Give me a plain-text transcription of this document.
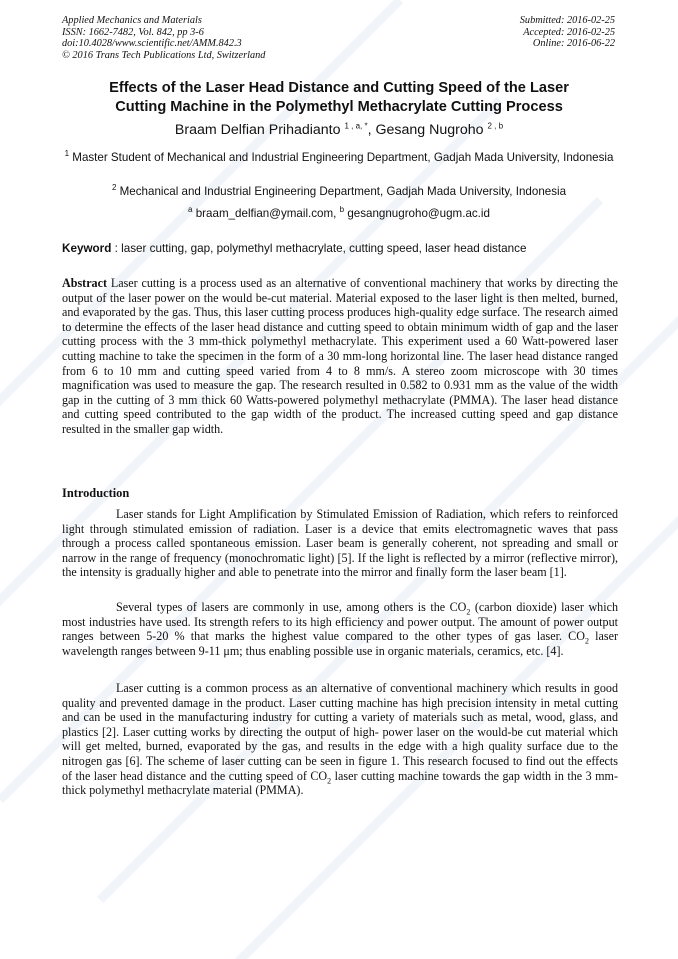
Applied Mechanics and Materials
ISSN: 1662-7482, Vol. 842, pp 3-6
doi:10.4028/www.scientific.net/AMM.842.3
© 2016 Trans Tech Publications Ltd, Switzerland
Submitted: 2016-02-25
Accepted: 2016-02-25
Online: 2016-06-22
Effects of the Laser Head Distance and Cutting Speed of the Laser
Cutting Machine in the Polymethyl Methacrylate Cutting Process
Braam Delfian Prihadianto $^{1 , a, *}$, Gesang Nugroho $^{2 , b}$
$^1$ Master Student of Mechanical and Industrial Engineering Department, Gadjah Mada University, Indonesia
$^2$ Mechanical and Industrial Engineering Department, Gadjah Mada University, Indonesia
$^a$ braam_delfian@ymail.com, $^b$ gesangnugroho@ugm.ac.id
Keyword : laser cutting, gap, polymethyl methacrylate, cutting speed, laser head distance
Abstract Laser cutting is a process used as an alternative of conventional machinery that works by directing the output of the laser power on the would be-cut material. Material exposed to the laser light is then melted, burned, and evaporated by the gas. Thus, this laser cutting process produces high-quality edge surface. The research aimed to determine the effects of the laser head distance and cutting speed to obtain minimum width of gap and the laser cutting process with the 3 mm-thick polymethyl methacrylate. This experiment used a 60 Watt-powered laser cutting machine to take the specimen in the form of a 30 mm-long horizontal line. The laser head distance ranged from 6 to 10 mm and cutting speed varied from 4 to 8 mm/s. A stereo zoom microscope with 30 times magnification was used to measure the gap. The research resulted in 0.582 to 0.931 mm as the value of the width gap in the cutting of 3 mm thick 60 Watts-powered polymethyl methacrylate (PMMA). The laser head distance and cutting speed contributed to the gap width of the product. The increased cutting speed and gap distance resulted in the smaller gap width.
Introduction
Laser stands for Light Amplification by Stimulated Emission of Radiation, which refers to reinforced light through stimulated emission of radiation. Laser is a device that emits electromagnetic waves that pass through a process called spontaneous emission. Laser beam is generally coherent, not spreading and small or narrow in the range of frequency (monochromatic light) [5]. If the light is reflected by a mirror (reflective mirror), the intensity is gradually higher and able to penetrate into the mirror and finally form the laser beam [1].
Several types of lasers are commonly in use, among others is the $CO_2$ (carbon dioxide) laser which most industries have used. Its strength refers to its high efficiency and power output. The amount of power output ranges between 5-20 % that marks the highest value compared to the other types of gas laser. $CO_2$ laser wavelength ranges between 9-11 μm; thus enabling possible use in organic materials, ceramics, etc. [4].
Laser cutting is a common process as an alternative of conventional machinery which results in good quality and prevented damage in the product. Laser cutting machine has high precision intensity in metal cutting and can be used in the manufacturing industry for cutting a variety of materials such as metal, wood, glass, and plastics [2]. Laser cutting works by directing the output of high- power laser on the would-be cut material which will get melted, burned, evaporated by the gas, and results in the edge with a high quality surface due to the nitrogen gas [6]. The scheme of laser cutting can be seen in figure 1. This research focused to find out the effects of the laser head distance and the cutting speed of $CO_2$ laser cutting machine towards the gap width in the 3 mm- thick polymethyl methacrylate material (PMMA).
